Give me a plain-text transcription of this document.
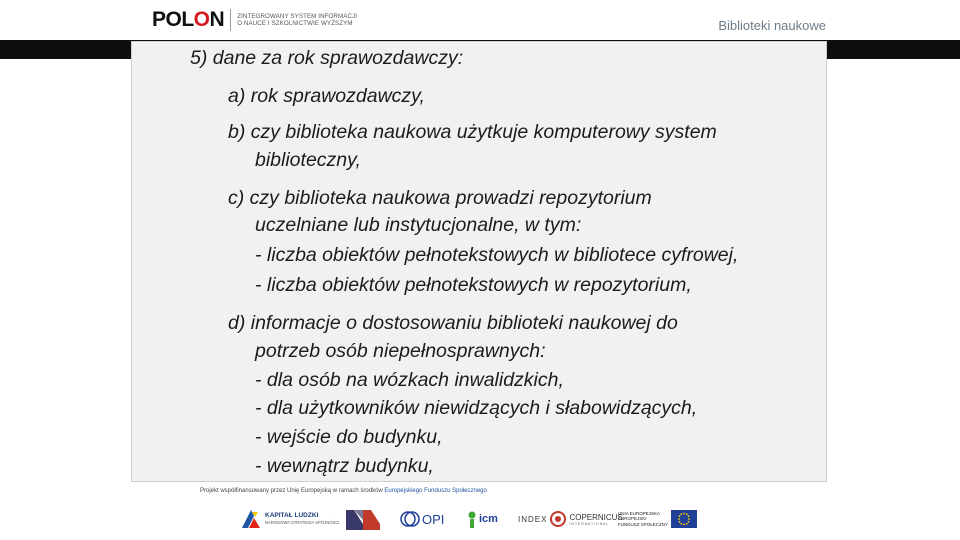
POLON ZINTEGROWANY SYSTEM INFORMACJI
O NAUCE I SZKOLNICTWIE WYŻSZYM	Biblioteki naukowe
5) dane za rok sprawozdawczy:
a) rok sprawozdawczy,
b) czy biblioteka naukowa użytkuje komputerowy system
biblioteczny,
c) czy biblioteka naukowa prowadzi repozytorium
uczelniane lub instytucjonalne, w tym:
- liczba obiektów pełnotekstowych w bibliotece cyfrowej,
- liczba obiektów pełnotekstowych w repozytorium,
d) informacje o dostosowaniu biblioteki naukowej do
potrzeb osób niepełnosprawnych:
- dla osób na wózkach inwalidzkich,
- dla użytkowników niewidzących i słabowidzących,
- wejście do budynku,
- wewnątrz budynku,
Projekt współfinansowany przez Unię Europejską w ramach środków Europejskiego Funduszu Społecznego
KAPITAŁ LUDZKI
NARODOWA STRATEGIA SPÓJNOŚCI	OPI	icm	INDEX	COPERNICUS
I N T E R N A T I O N A L
UNIA EUROPEJSKA
EUROPEJSKI
FUNDUSZ SPOŁECZNY
